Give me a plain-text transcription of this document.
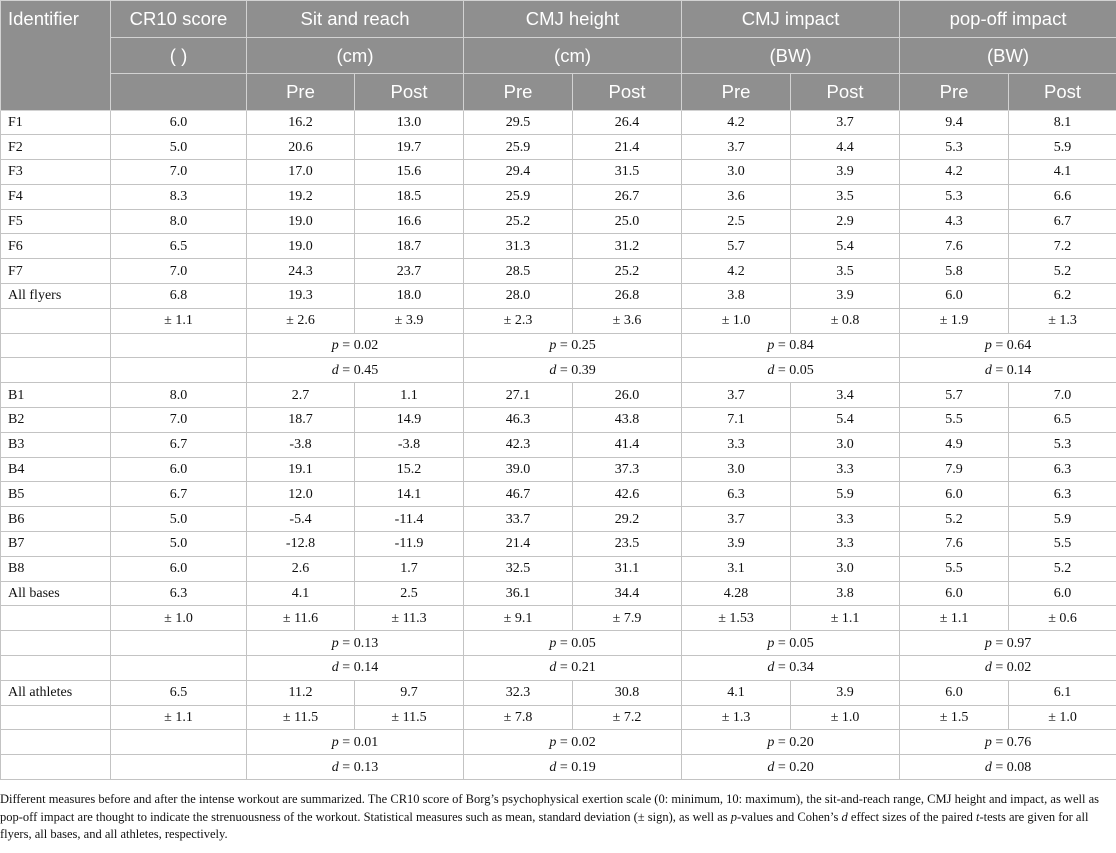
Identifier	CR10 score	Sit and reach		CMJ height		CMJ impact		pop-off impact	
	( )	(cm)		(cm)		(BW)		(BW)	
		Pre	Post	Pre	Post	Pre	Post	Pre	Post
F1	6.0	16.2	13.0	29.5	26.4	4.2	3.7	9.4	8.1
F2	5.0	20.6	19.7	25.9	21.4	3.7	4.4	5.3	5.9
F3	7.0	17.0	15.6	29.4	31.5	3.0	3.9	4.2	4.1
F4	8.3	19.2	18.5	25.9	26.7	3.6	3.5	5.3	6.6
F5	8.0	19.0	16.6	25.2	25.0	2.5	2.9	4.3	6.7
F6	6.5	19.0	18.7	31.3	31.2	5.7	5.4	7.6	7.2
F7	7.0	24.3	23.7	28.5	25.2	4.2	3.5	5.8	5.2
All flyers	6.8	19.3	18.0	28.0	26.8	3.8	3.9	6.0	6.2
	± 1.1	± 2.6	± 3.9	± 2.3	± 3.6	± 1.0	± 0.8	± 1.9	± 1.3
		p = 0.02		p = 0.25		p = 0.84		p = 0.64	
		d = 0.45		d = 0.39		d = 0.05		d = 0.14	
B1	8.0	2.7	1.1	27.1	26.0	3.7	3.4	5.7	7.0
B2	7.0	18.7	14.9	46.3	43.8	7.1	5.4	5.5	6.5
B3	6.7	-3.8	-3.8	42.3	41.4	3.3	3.0	4.9	5.3
B4	6.0	19.1	15.2	39.0	37.3	3.0	3.3	7.9	6.3
B5	6.7	12.0	14.1	46.7	42.6	6.3	5.9	6.0	6.3
B6	5.0	-5.4	-11.4	33.7	29.2	3.7	3.3	5.2	5.9
B7	5.0	-12.8	-11.9	21.4	23.5	3.9	3.3	7.6	5.5
B8	6.0	2.6	1.7	32.5	31.1	3.1	3.0	5.5	5.2
All bases	6.3	4.1	2.5	36.1	34.4	4.28	3.8	6.0	6.0
	± 1.0	± 11.6	± 11.3	± 9.1	± 7.9	± 1.53	± 1.1	± 1.1	± 0.6
		p = 0.13		p = 0.05		p = 0.05		p = 0.97	
		d = 0.14		d = 0.21		d = 0.34		d = 0.02	
All athletes	6.5	11.2	9.7	32.3	30.8	4.1	3.9	6.0	6.1
	± 1.1	± 11.5	± 11.5	± 7.8	± 7.2	± 1.3	± 1.0	± 1.5	± 1.0
		p = 0.01		p = 0.02		p = 0.20		p = 0.76	
		d = 0.13		d = 0.19		d = 0.20		d = 0.08	
Different measures before and after the intense workout are summarized. The CR10 score of Borg’s psychophysical exertion scale (0: minimum, 10: maximum), the sit-and-reach range, CMJ height and impact, as well as pop-off impact are thought to indicate the strenuousness of the workout. Statistical measures such as mean, standard deviation (± sign), as well as p-values and Cohen’s d effect sizes of the paired t-tests are given for all flyers, all bases, and all athletes, respectively.
